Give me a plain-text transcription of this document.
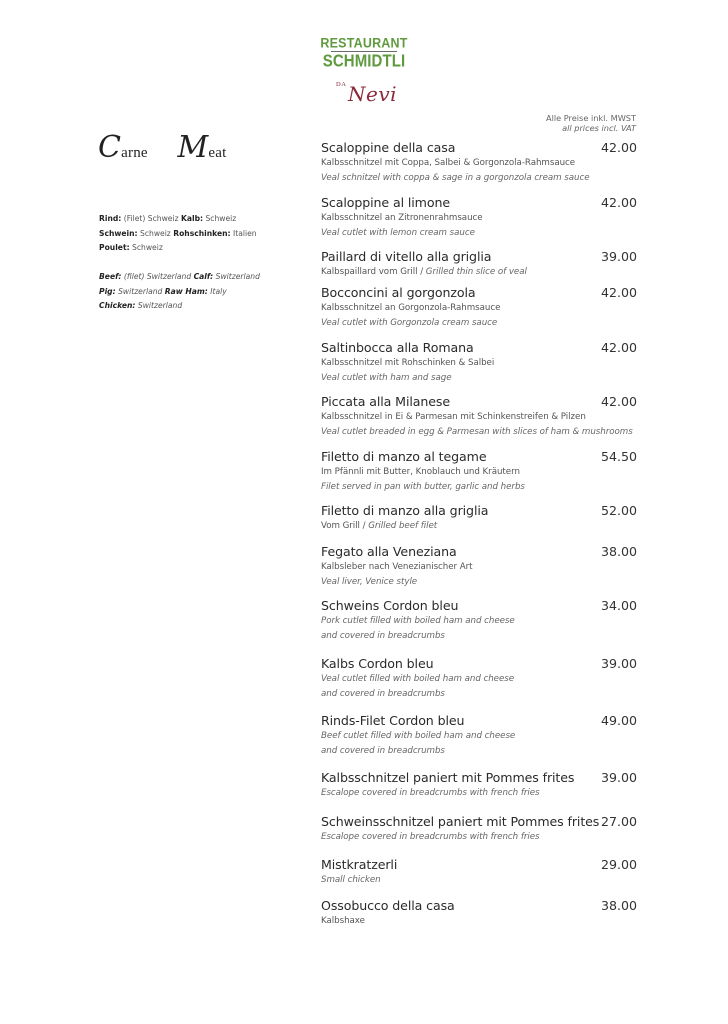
RESTAURANT
SCHMIDTLI
DA Nevi
Alle Preise inkl. MWST
all prices incl. VAT
Carne Meat
Rind: (Filet) Schweiz Kalb: Schweiz
Schwein: Schweiz Rohschinken: Italien
Poulet: Schweiz
Beef: (filet) Switzerland Calf: Switzerland
Pig: Switzerland Raw Ham: Italy
Chicken: Switzerland
Scaloppine della casa	42.00
Kalbsschnitzel mit Coppa, Salbei & Gorgonzola-Rahmsauce
Veal schnitzel with coppa & sage in a gorgonzola cream sauce
Scaloppine al limone	42.00
Kalbsschnitzel an Zitronenrahmsauce
Veal cutlet with lemon cream sauce
Paillard di vitello alla griglia	39.00
Kalbspaillard vom Grill / Grilled thin slice of veal
Bocconcini al gorgonzola	42.00
Kalbsschnitzel an Gorgonzola-Rahmsauce
Veal cutlet with Gorgonzola cream sauce
Saltinbocca alla Romana	42.00
Kalbsschnitzel mit Rohschinken & Salbei
Veal cutlet with ham and sage
Piccata alla Milanese	42.00
Kalbsschnitzel in Ei & Parmesan mit Schinkenstreifen & Pilzen
Veal cutlet breaded in egg & Parmesan with slices of ham & mushrooms
Filetto di manzo al tegame	54.50
Im Pfännli mit Butter, Knoblauch und Kräutern
Filet served in pan with butter, garlic and herbs
Filetto di manzo alla griglia	52.00
Vom Grill / Grilled beef filet
Fegato alla Veneziana	38.00
Kalbsleber nach Venezianischer Art
Veal liver, Venice style
Schweins Cordon bleu	34.00
Pork cutlet filled with boiled ham and cheese
and covered in breadcrumbs
Kalbs Cordon bleu	39.00
Veal cutlet filled with boiled ham and cheese
and covered in breadcrumbs
Rinds-Filet Cordon bleu	49.00
Beef cutlet filled with boiled ham and cheese
and covered in breadcrumbs
Kalbsschnitzel paniert mit Pommes frites	39.00
Escalope covered in breadcrumbs with french fries
Schweinsschnitzel paniert mit Pommes frites 27.00
Escalope covered in breadcrumbs with french fries
Mistkratzerli	29.00
Small chicken
Ossobucco della casa	38.00
Kalbshaxe
